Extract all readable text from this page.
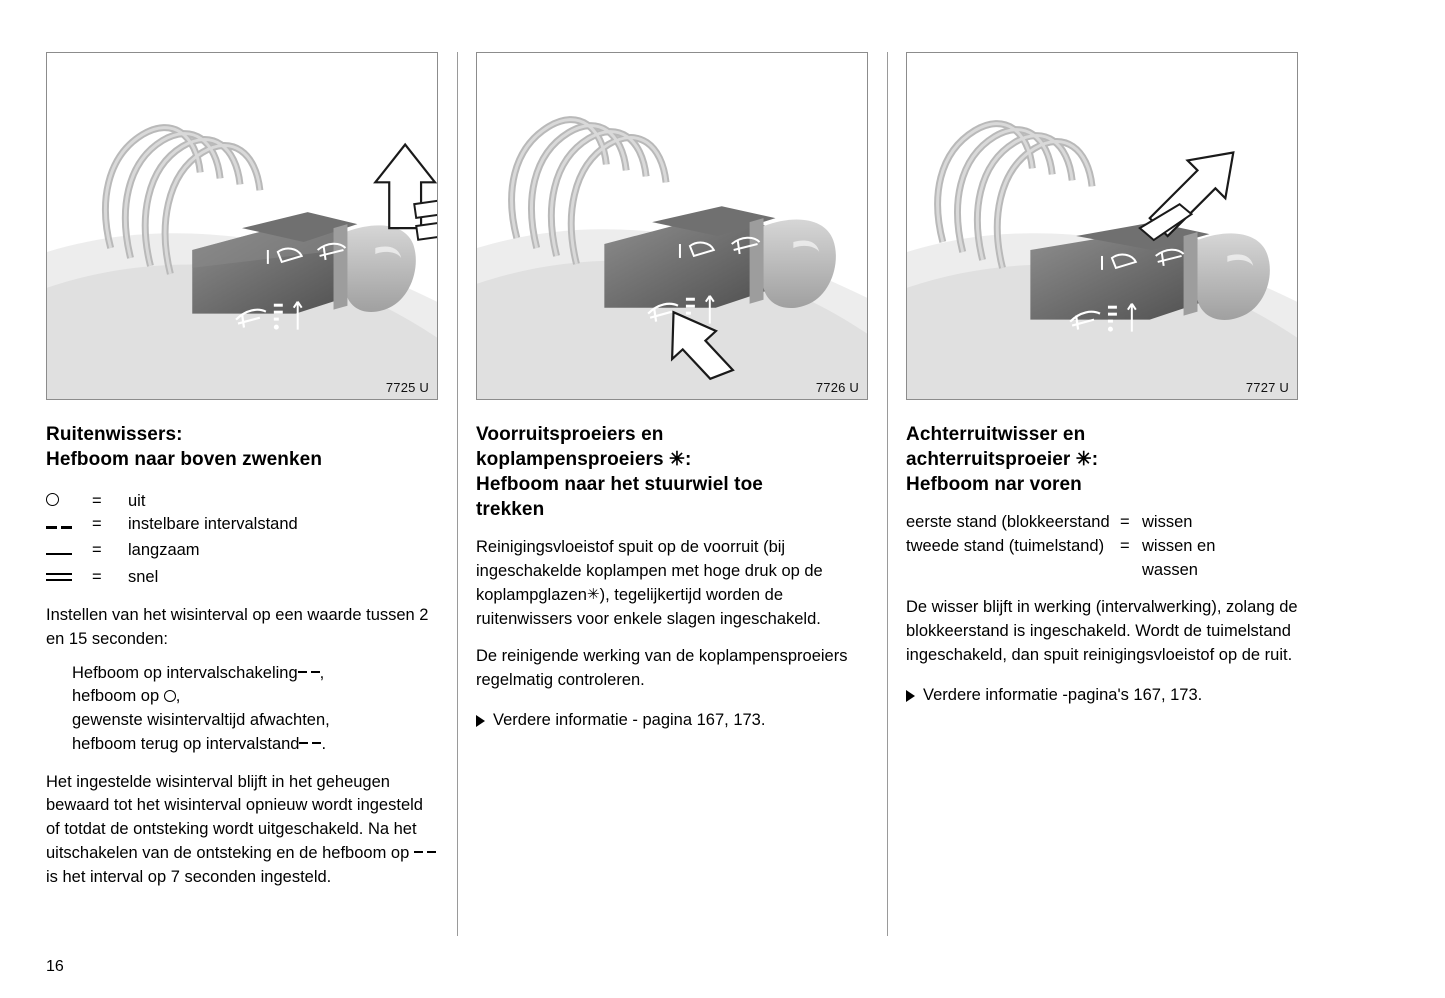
7725 U
Ruitenwissers:
Hefboom naar boven zwenken
=	uit
=	instelbare intervalstand
=	langzaam
=	snel

Instellen van het wisinterval op een waarde tussen 2 en 15 seconden:

Hefboom op intervalschakeling ,
hefboom op ,
gewenste wisintervaltijd afwachten,
hefboom terug op intervalstand .

Het ingestelde wisinterval blijft in het geheugen bewaard tot het wisinterval opnieuw wordt ingesteld of totdat de ontsteking wordt uitgeschakeld. Na het uitschakelen van de ontsteking en de hefboom op  is het interval op 7 seconden ingesteld.

7726 U
Voorruitsproeiers en
koplampensproeiers ✳:
Hefboom naar het stuurwiel toe
trekken

Reinigingsvloeistof spuit op de voorruit (bij ingeschakelde koplampen met hoge druk op de koplampglazen✳), tegelijkertijd worden de ruitenwissers voor enkele slagen ingeschakeld.

De reinigende werking van de koplampensproeiers regelmatig controleren.

Verdere informatie - pagina 167, 173.
7727 U
Achterruitwisser en
achterruitsproeier ✳:
Hefboom nar voren
eerste stand (blokkeerstand = wissen
tweede stand (tuimelstand) = wissen en
wassen

De wisser blijft in werking (intervalwerking), zolang de blokkeerstand is ingeschakeld. Wordt de tuimelstand ingeschakeld, dan spuit reinigingsvloeistof op de ruit.

Verdere informatie -pagina's 167, 173.
16
